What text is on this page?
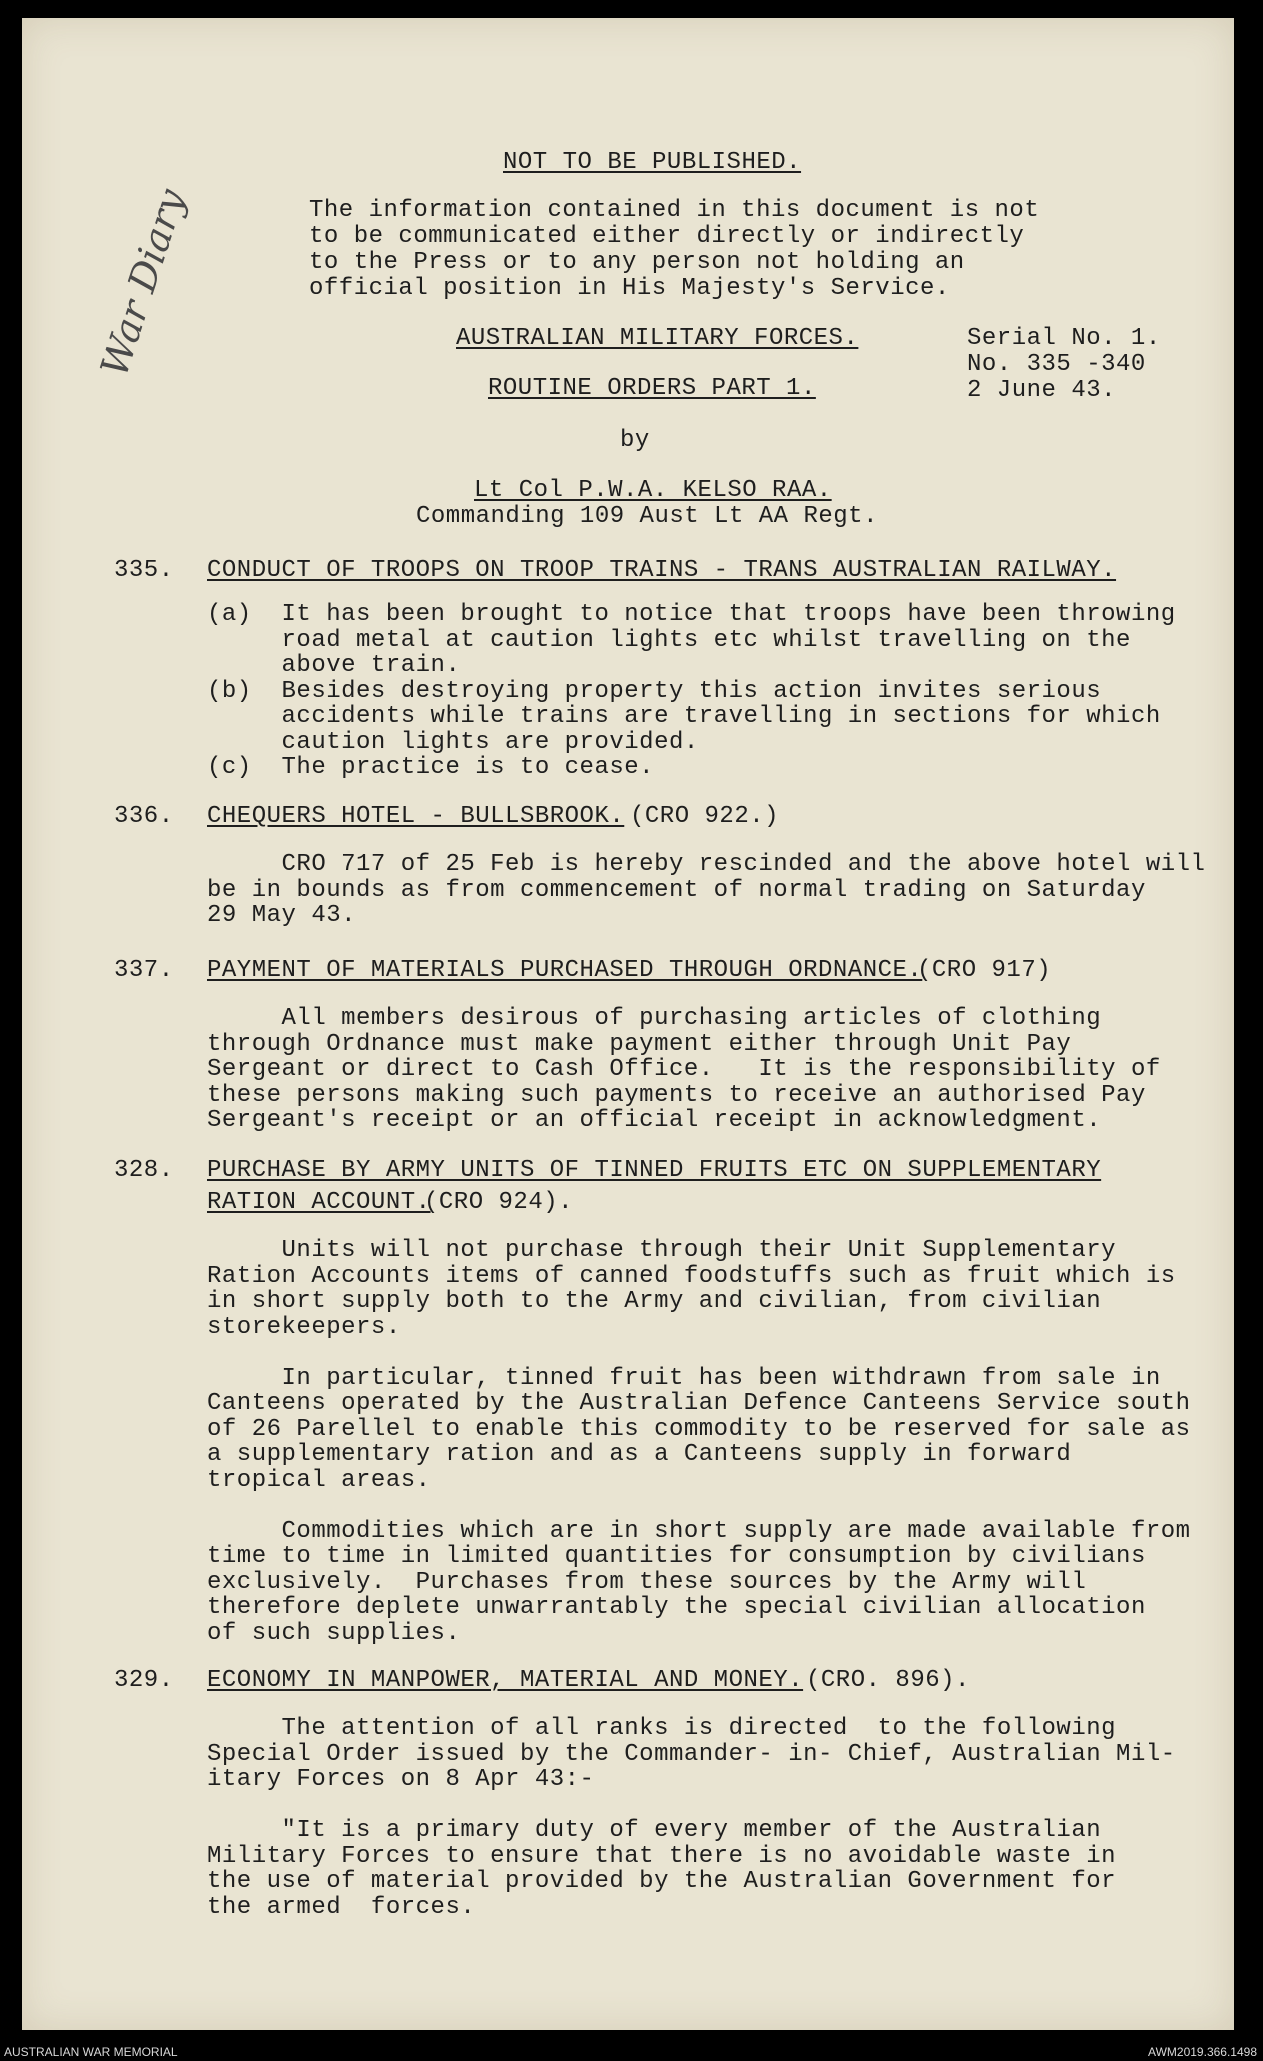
NOT TO BE PUBLISHED.
The information contained in this document is not
to be communicated either directly or indirectly
to the Press or to any person not holding an
official position in His Majesty's Service.
AUSTRALIAN MILITARY FORCES.
ROUTINE ORDERS PART 1.
Serial No. 1.
No. 335 -340
2 June 43.
by
Lt Col P.W.A. KELSO RAA.
Commanding 109 Aust Lt AA Regt.
War Diary
335. CONDUCT OF TROOPS ON TROOP TRAINS - TRANS AUSTRALIAN RAILWAY.
(a)  It has been brought to notice that troops have been throwing
road metal at caution lights etc whilst travelling on the
above train.
(b)  Besides destroying property this action invites serious
accidents while trains are travelling in sections for which
caution lights are provided.
(c)  The practice is to cease.
336. CHEQUERS HOTEL - BULLSBROOK. (CRO 922.)
CRO 717 of 25 Feb is hereby rescinded and the above hotel will
be in bounds as from commencement of normal trading on Saturday
29 May 43.
337. PAYMENT OF MATERIALS PURCHASED THROUGH ORDNANCE.
(CRO 917)
All members desirous of purchasing articles of clothing
through Ordnance must make payment either through Unit Pay
Sergeant or direct to Cash Office.   It is the responsibility of
these persons making such payments to receive an authorised Pay
Sergeant's receipt or an official receipt in acknowledgment.
328. PURCHASE BY ARMY UNITS OF TINNED FRUITS ETC ON SUPPLEMENTARY
RATION ACCOUNT.
(CRO 924).
Units will not purchase through their Unit Supplementary
Ration Accounts items of canned foodstuffs such as fruit which is
in short supply both to the Army and civilian, from civilian
storekeepers.

In particular, tinned fruit has been withdrawn from sale in
Canteens operated by the Australian Defence Canteens Service south
of 26 Parellel to enable this commodity to be reserved for sale as
a supplementary ration and as a Canteens supply in forward
tropical areas.

Commodities which are in short supply are made available from
time to time in limited quantities for consumption by civilians
exclusively.  Purchases from these sources by the Army will
therefore deplete unwarrantably the special civilian allocation
of such supplies.
329. ECONOMY IN MANPOWER, MATERIAL AND MONEY. (CRO. 896).
The attention of all ranks is directed  to the following
Special Order issued by the Commander- in- Chief, Australian Mil-
itary Forces on 8 Apr 43:-

"It is a primary duty of every member of the Australian
Military Forces to ensure that there is no avoidable waste in
the use of material provided by the Australian Government for
the armed  forces.
AUSTRALIAN WAR MEMORIAL	AWM2019.366.1498
